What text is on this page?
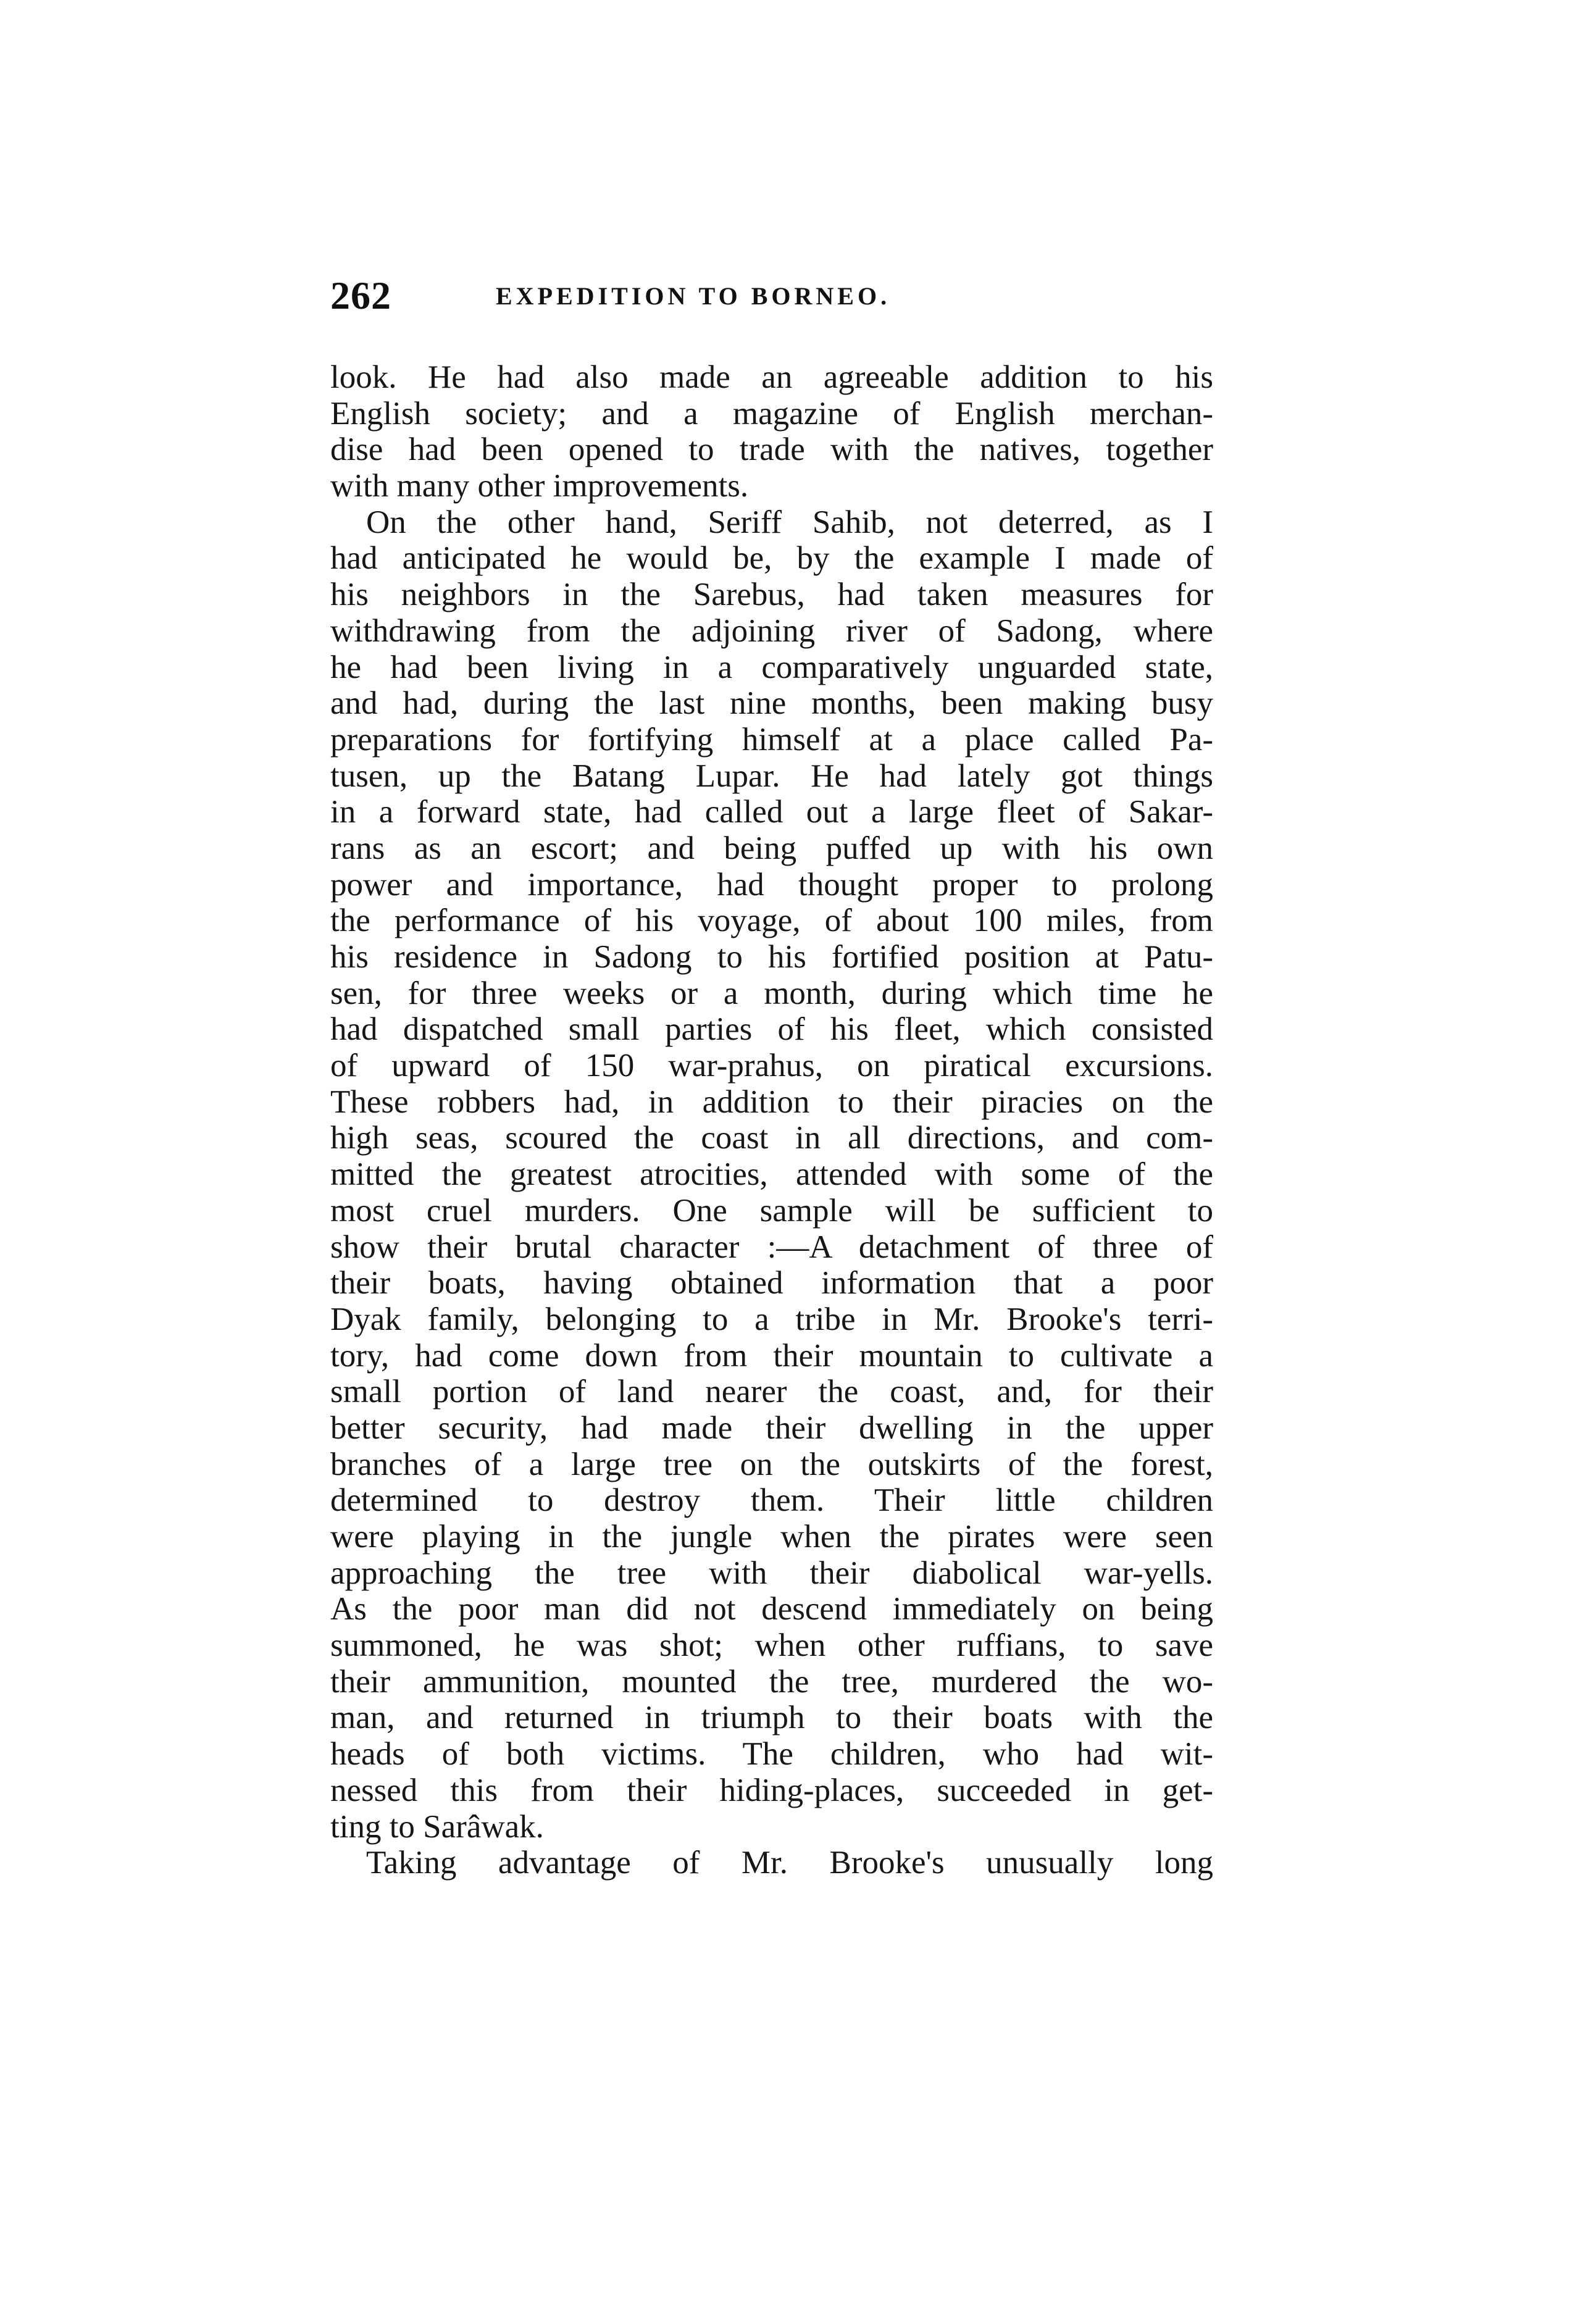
262	EXPEDITION TO BORNEO.
look. He had also made an agreeable addition to his
English society; and a magazine of English merchan-
dise had been opened to trade with the natives, together
with many other improvements.
On the other hand, Seriff Sahib, not deterred, as I
had anticipated he would be, by the example I made of
his neighbors in the Sarebus, had taken measures for
withdrawing from the adjoining river of Sadong, where
he had been living in a comparatively unguarded state,
and had, during the last nine months, been making busy
preparations for fortifying himself at a place called Pa-
tusen, up the Batang Lupar. He had lately got things
in a forward state, had called out a large fleet of Sakar-
rans as an escort; and being puffed up with his own
power and importance, had thought proper to prolong
the performance of his voyage, of about 100 miles, from
his residence in Sadong to his fortified position at Patu-
sen, for three weeks or a month, during which time he
had dispatched small parties of his fleet, which consisted
of upward of 150 war-prahus, on piratical excursions.
These robbers had, in addition to their piracies on the
high seas, scoured the coast in all directions, and com-
mitted the greatest atrocities, attended with some of the
most cruel murders. One sample will be sufficient to
show their brutal character :—A detachment of three of
their boats, having obtained information that a poor
Dyak family, belonging to a tribe in Mr. Brooke's terri-
tory, had come down from their mountain to cultivate a
small portion of land nearer the coast, and, for their
better security, had made their dwelling in the upper
branches of a large tree on the outskirts of the forest,
determined to destroy them. Their little children
were playing in the jungle when the pirates were seen
approaching the tree with their diabolical war-yells.
As the poor man did not descend immediately on being
summoned, he was shot; when other ruffians, to save
their ammunition, mounted the tree, murdered the wo-
man, and returned in triumph to their boats with the
heads of both victims. The children, who had wit-
nessed this from their hiding-places, succeeded in get-
ting to Sarâwak.
Taking advantage of Mr. Brooke's unusually long
